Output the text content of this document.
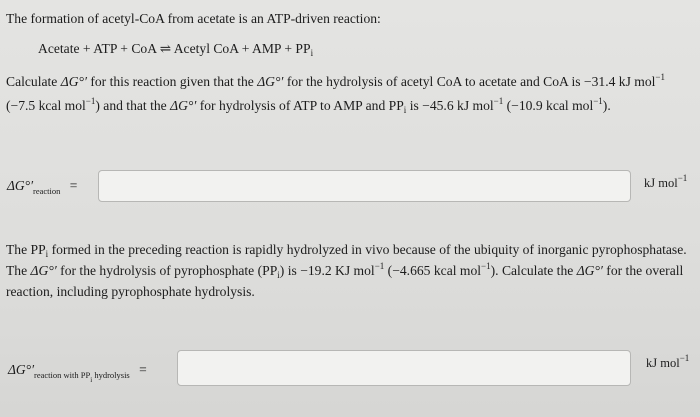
The formation of acetyl-CoA from acetate is an ATP-driven reaction:
Acetate + ATP + CoA ⇌ Acetyl CoA + AMP + $PP_i$
Calculate ΔG°′ for this reaction given that the ΔG°′ for the hydrolysis of acetyl CoA to acetate and CoA is −31.4 kJ mol$^{-1}$
(−7.5 kcal mol$^{-1}$) and that the ΔG°′ for hydrolysis of ATP to AMP and $PP_i$ is −45.6 kJ mol$^{-1}$ (−10.9 kcal mol$^{-1}$).
$\Delta G^\circ'_{reaction}$ =	kJ mol$^{-1}$
The $PP_i$ formed in the preceding reaction is rapidly hydrolyzed in vivo because of the ubiquity of inorganic pyrophosphatase.
The ΔG°′ for the hydrolysis of pyrophosphate $(PP_i)$ is −19.2 KJ mol$^{-1}$ (−4.665 kcal mol$^{-1}$). Calculate the ΔG°′ for the overall
reaction, including pyrophosphate hydrolysis.
$\Delta G^\circ'_{reaction with PP_i hydrolysis}$ =	kJ mol$^{-1}$
